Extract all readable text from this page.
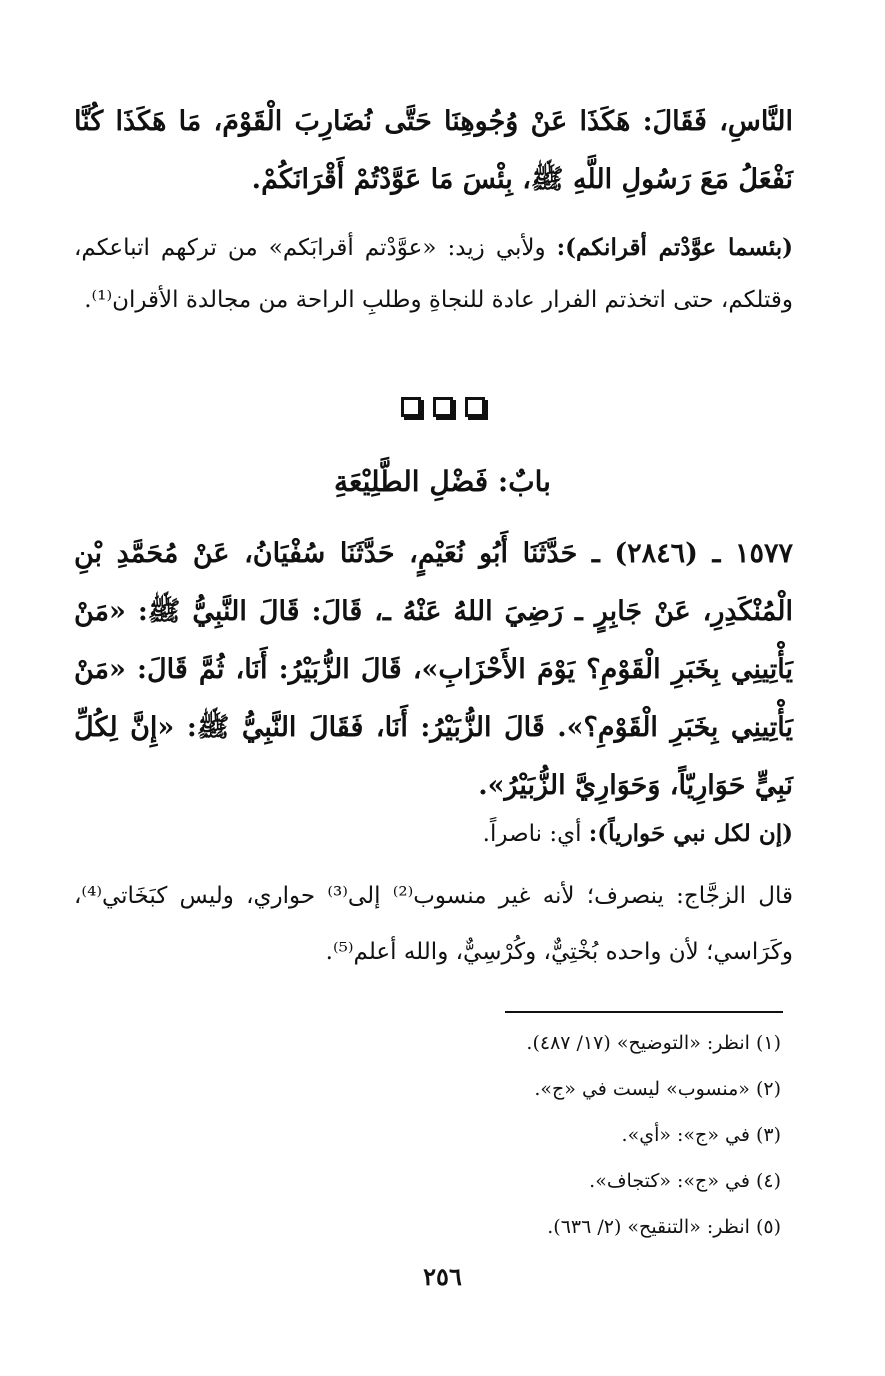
النَّاسِ، فَقَالَ: هَكَذَا عَنْ وُجُوهِنَا حَتَّى نُضَارِبَ الْقَوْمَ، مَا هَكَذَا كُنَّا نَفْعَلُ مَعَ رَسُولِ اللَّهِ ﷺ، بِئْسَ مَا عَوَّدْتُمْ أَقْرَانَكُمْ.

(بئسما عوَّدْتم أقرانكم): ولأبي زيد: «عوَّدْتم أقرابَكم» من تركهم اتباعكم، وقتلكم، حتى اتخذتم الفرار عادة للنجاةِ وطلبِ الراحة من مجالدة الأقران⁽¹⁾.

بابٌ: فَضْلِ الطَّلِيْعَةِ

١٥٧٧ ـ (٢٨٤٦) ـ حَدَّثَنَا أَبُو نُعَيْمٍ، حَدَّثَنَا سُفْيَانُ، عَنْ مُحَمَّدِ بْنِ الْمُنْكَدِرِ، عَنْ جَابِرٍ ـ رَضِيَ اللهُ عَنْهُ ـ، قَالَ: قَالَ النَّبِيُّ ﷺ: «مَنْ يَأْتِينِي بِخَبَرِ الْقَوْمِ؟ يَوْمَ الأَحْزَابِ»، قَالَ الزُّبَيْرُ: أَنَا، ثُمَّ قَالَ: «مَنْ يَأْتِينِي بِخَبَرِ الْقَوْمِ؟». قَالَ الزُّبَيْرُ: أَنَا، فَقَالَ النَّبِيُّ ﷺ: «إِنَّ لِكُلِّ نَبِيٍّ حَوَارِيّاً، وَحَوَارِيَّ الزُّبَيْرُ».

(إن لكل نبي حَوارياً): أي: ناصراً.

قال الزجَّاج: ينصرف؛ لأنه غير منسوب⁽²⁾ إلى⁽³⁾ حواري، وليس كبَخَاتي⁽⁴⁾، وكَرَاسي؛ لأن واحده بُخْتِيٌّ، وكُرْسِيٌّ، والله أعلم⁽⁵⁾.

(١) انظر: «التوضيح» (١٧/ ٤٨٧).
(٢) «منسوب» ليست في «ج».
(٣) في «ج»: «أي».
(٤) في «ج»: «كتجاف».
(٥) انظر: «التنقيح» (٢/ ٦٣٦).
٢٥٦
